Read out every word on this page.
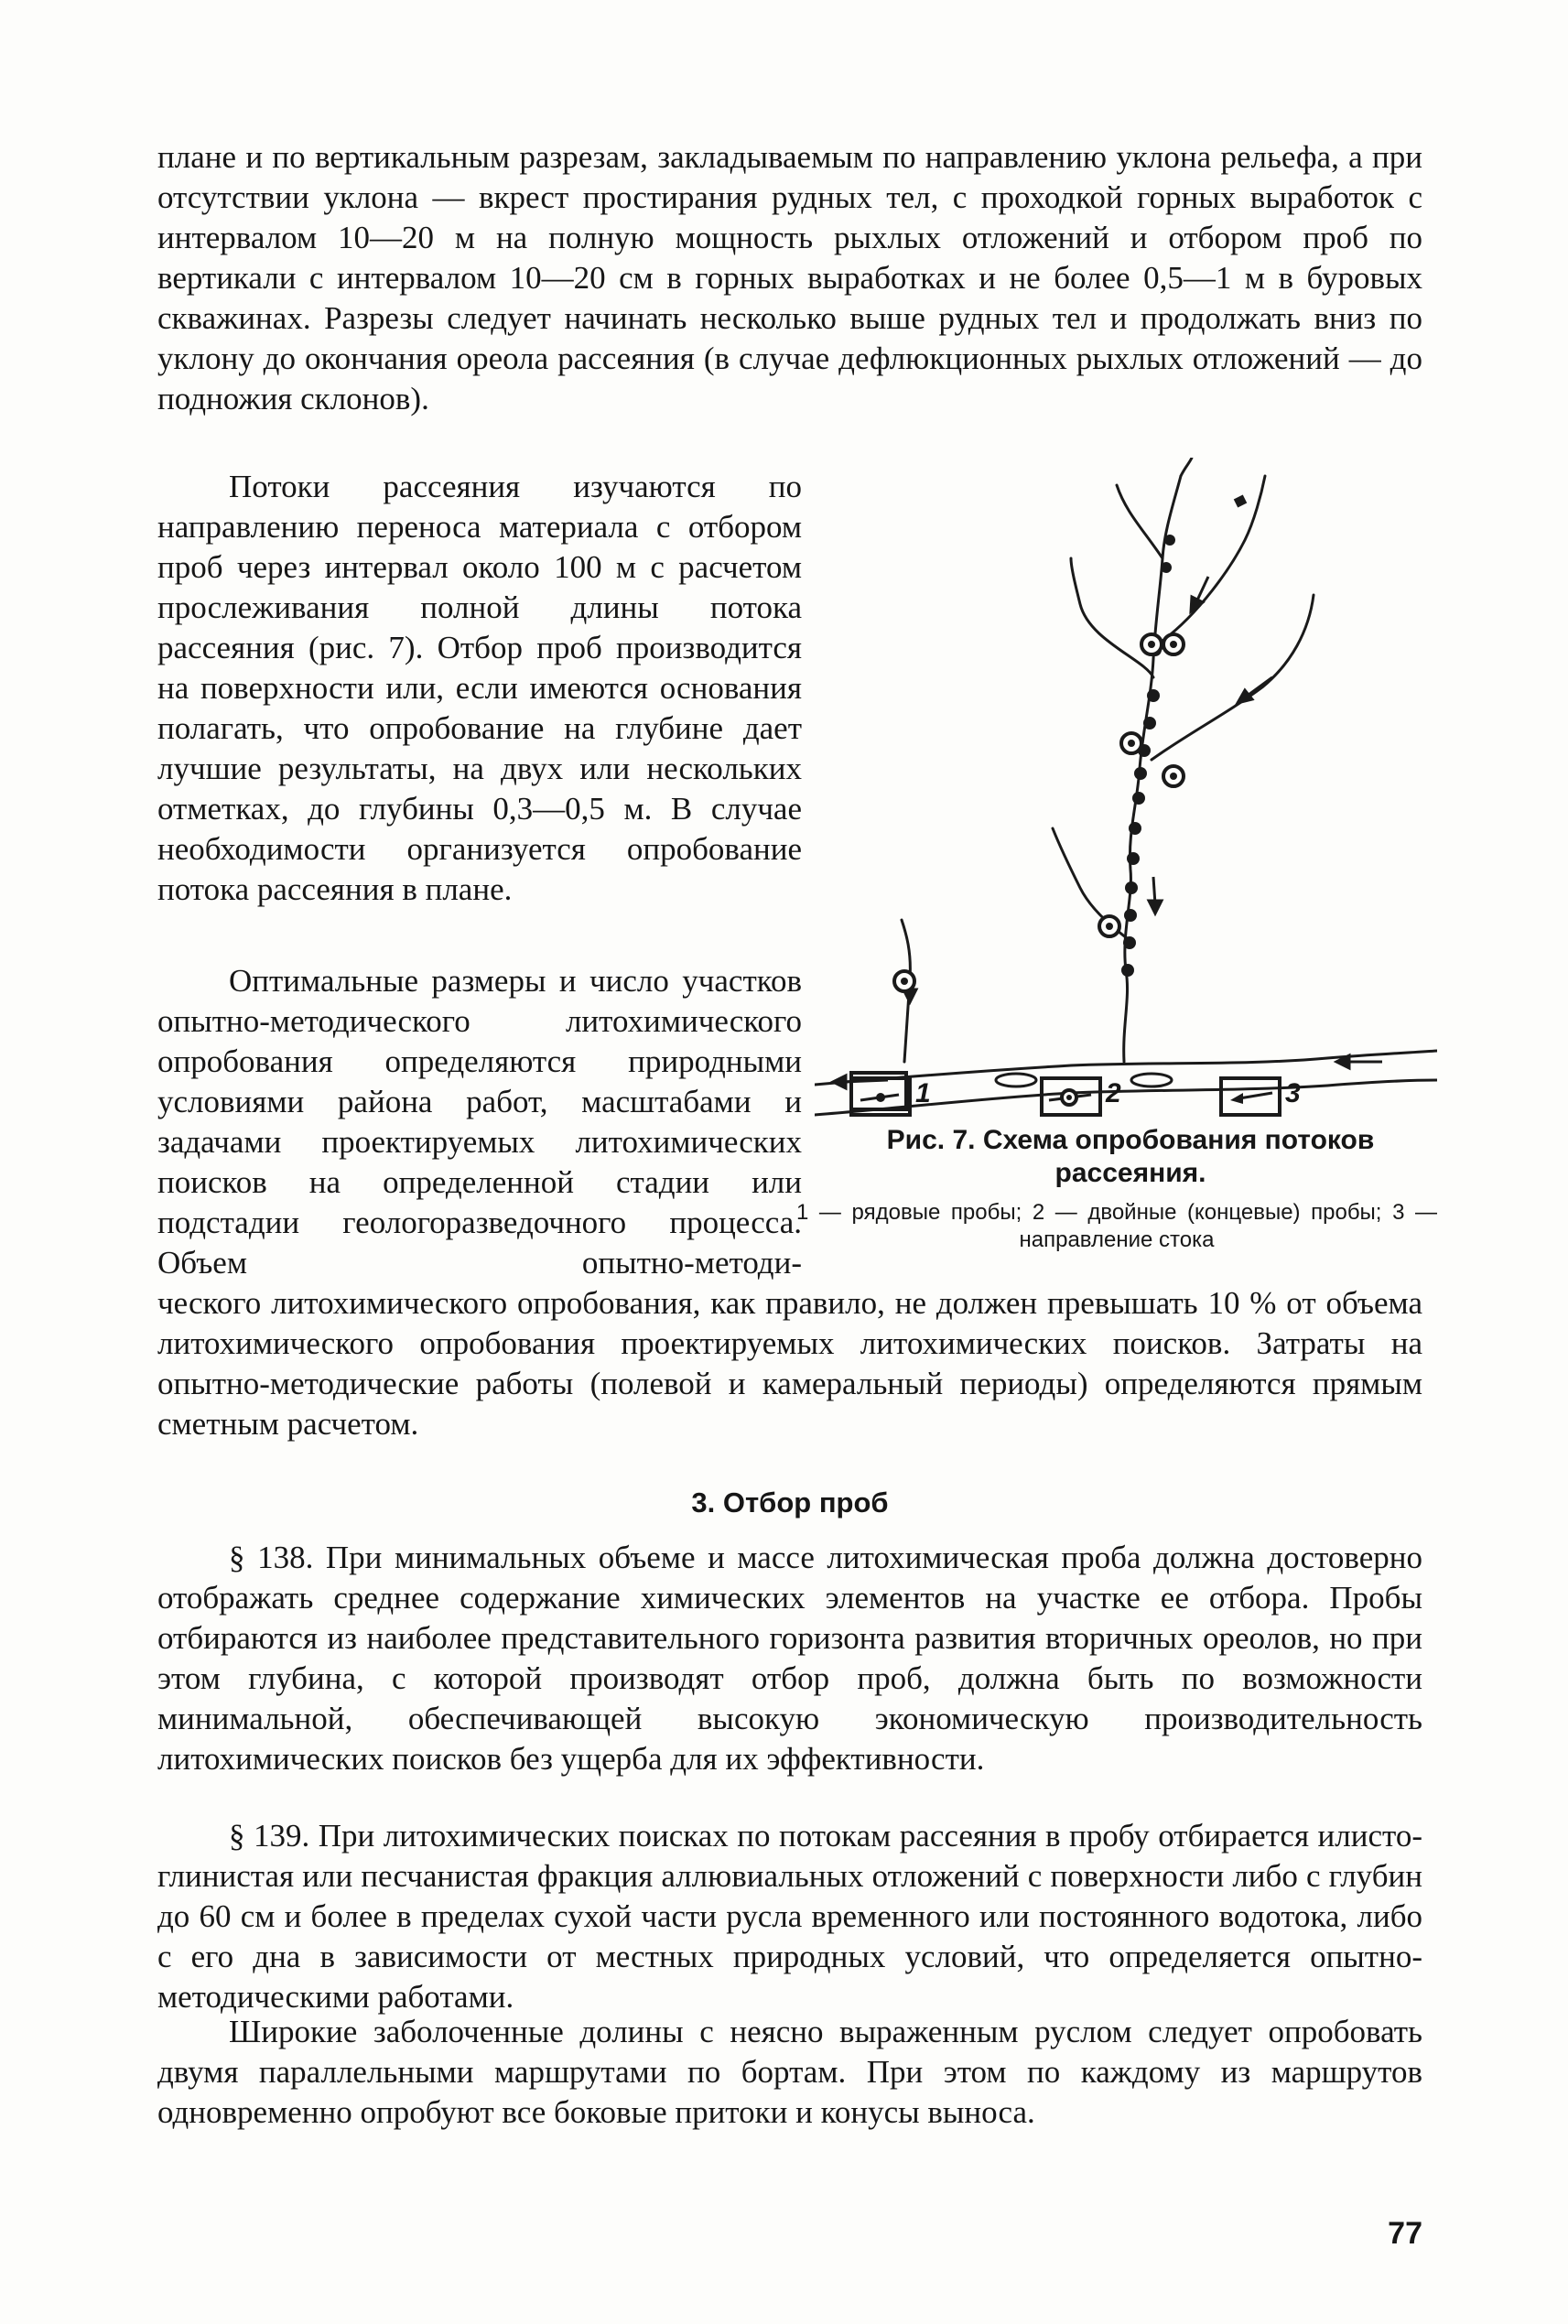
плане и по вертикальным разрезам, закладываемым по направлению уклона рельефа, а при отсутствии уклона — вкрест простирания рудных тел, с проходкой горных выработок с интервалом 10—20 м на полную мощность рыхлых отложений и отбором проб по вертикали с интервалом 10—20 см в горных выработках и не более 0,5—1 м в буровых скважинах. Разрезы следует начинать несколько выше рудных тел и продолжать вниз по уклону до окончания ореола рассеяния (в случае дефлюкционных рыхлых отложений — до подножия склонов).

Потоки рассеяния изучаются по направлению переноса материала с отбором проб через интервал около 100 м с расчетом прослеживания полной длины потока рассеяния (рис. 7). Отбор проб производится на поверхности или, если имеются основания полагать, что опробование на глубине дает лучшие результаты, на двух или нескольких отметках, до глубины 0,3—0,5 м. В случае необходимости организуется опробование потока рассеяния в плане.

Оптимальные размеры и число участков опытно-методического литохимического опробования определяются природными условиями района работ, масштабами и задачами проектируемых литохимических поисков на определенной стадии или подстадии геологоразведочного процесса. Объем опытно-методи-

ческого литохимического опробования, как правило, не должен превышать 10 % от объема литохимического опробования проектируемых литохимических поисков. Затраты на опытно-методические работы (полевой и камеральный периоды) определяются прямым сметным расчетом.

1	2	3

Рис. 7. Схема опробования потоков рассеяния.

1 — рядовые пробы; 2 — двойные (концевые) пробы; 3 — направление стока

3. Отбор проб

§ 138. При минимальных объеме и массе литохимическая проба должна достоверно отображать среднее содержание химических элементов на участке ее отбора. Пробы отбираются из наиболее представительного горизонта развития вторичных ореолов, но при этом глубина, с которой производят отбор проб, должна быть по возможности минимальной, обеспечивающей высокую экономическую производительность литохимических поисков без ущерба для их эффективности.

§ 139. При литохимических поисках по потокам рассеяния в пробу отбирается илисто-глинистая или песчанистая фракция аллювиальных отложений с поверхности либо с глубин до 60 см и более в пределах сухой части русла временного или постоянного водотока, либо с его дна в зависимости от местных природных условий, что определяется опытно-методическими работами.

Широкие заболоченные долины с неясно выраженным руслом следует опробовать двумя параллельными маршрутами по бортам. При этом по каждому из маршрутов одновременно опробуют все боковые притоки и конусы выноса.

77
